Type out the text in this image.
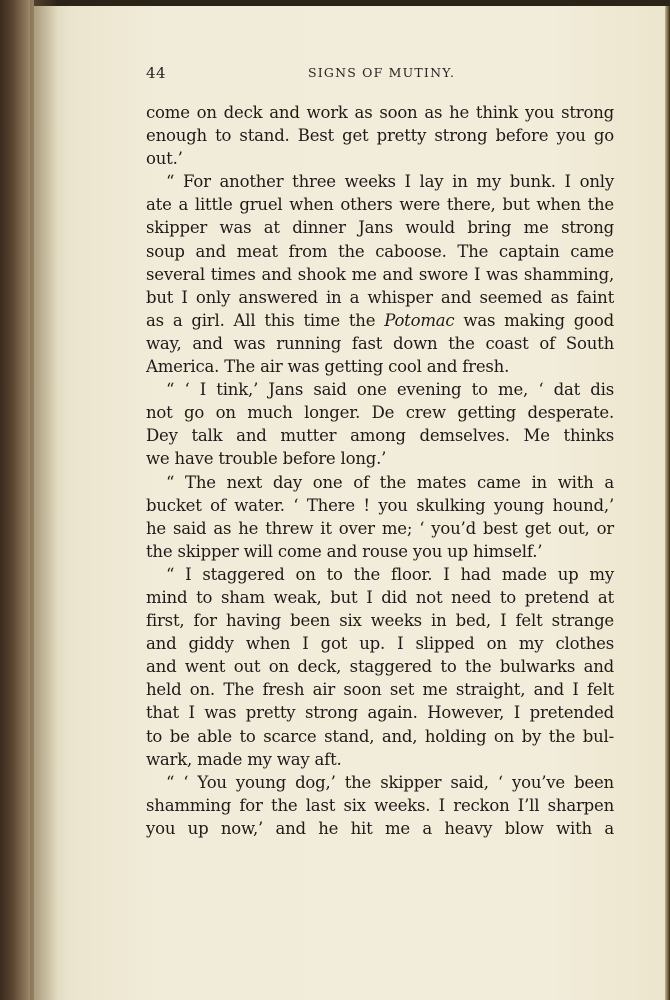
44	SIGNS OF MUTINY.
come on deck and work as soon as he think you strong
enough to stand. Best get pretty strong before you go
out.’
“ For another three weeks I lay in my bunk. I only
ate a little gruel when others were there, but when the
skipper was at dinner Jans would bring me strong
soup and meat from the caboose. The captain came
several times and shook me and swore I was shamming,
but I only answered in a whisper and seemed as faint
as a girl. All this time the Potomac was making good
way, and was running fast down the coast of South
America. The air was getting cool and fresh.
“ ‘ I tink,’ Jans said one evening to me, ‘ dat dis
not go on much longer. De crew getting desperate.
Dey talk and mutter among demselves. Me thinks
we have trouble before long.’
“ The next day one of the mates came in with a
bucket of water. ‘ There ! you skulking young hound,’
he said as he threw it over me; ‘ you’d best get out, or
the skipper will come and rouse you up himself.’
“ I staggered on to the floor. I had made up my
mind to sham weak, but I did not need to pretend at
first, for having been six weeks in bed, I felt strange
and giddy when I got up. I slipped on my clothes
and went out on deck, staggered to the bulwarks and
held on. The fresh air soon set me straight, and I felt
that I was pretty strong again. However, I pretended
to be able to scarce stand, and, holding on by the bul-
wark, made my way aft.
“ ‘ You young dog,’ the skipper said, ‘ you’ve been
shamming for the last six weeks. I reckon I’ll sharpen
you up now,’ and he hit me a heavy blow with a
